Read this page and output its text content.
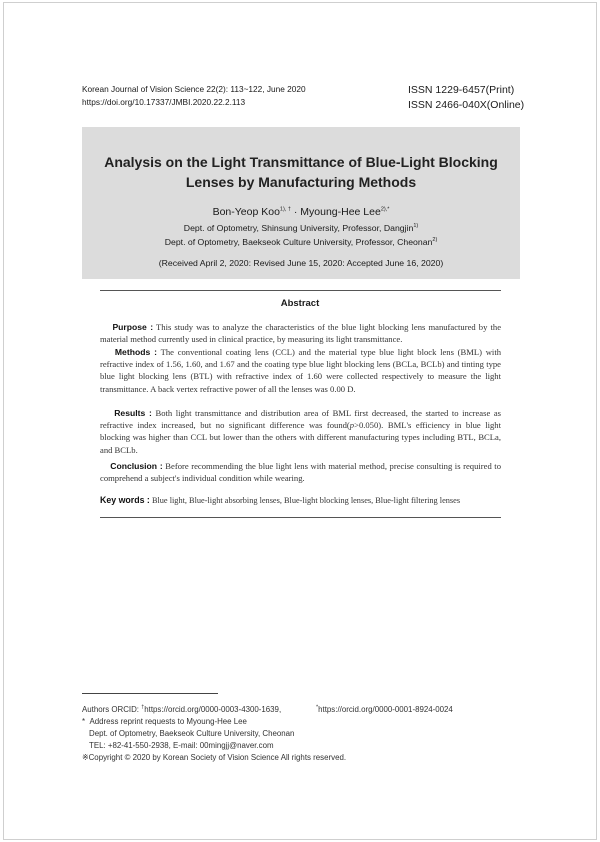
Korean Journal of Vision Science 22(2): 113~122, June 2020
https://doi.org/10.17337/JMBI.2020.22.2.113
ISSN 1229-6457(Print)
ISSN 2466-040X(Online)
Analysis on the Light Transmittance of Blue-Light Blocking
Lenses by Manufacturing Methods
Bon-Yeop Koo$^{1), \dagger}$ · Myoung-Hee Lee$^{2),*}$
Dept. of Optometry, Shinsung University, Professor, Dangjin$^{1)}$
Dept. of Optometry, Baekseok Culture University, Professor, Cheonan$^{2)}$
(Received April 2, 2020: Revised June 15, 2020: Accepted June 16, 2020)
Abstract
Purpose : This study was to analyze the characteristics of the blue light blocking lens manufactured by the material method currently used in clinical practice, by measuring its light transmittance.
Methods : The conventional coating lens (CCL) and the material type blue light block lens (BML) with refractive index of 1.56, 1.60, and 1.67 and the coating type blue light blocking lens (BCLa, BCLb) and tinting type blue light blocking lens (BTL) with refractive index of 1.60 were collected respectively to measure the light transmittance. A back vertex refractive power of all the lenses was 0.00 D.
Results : Both light transmittance and distribution area of BML first decreased, the started to increase as refractive index increased, but no significant difference was found(p>0.050). BML's efficiency in blue light blocking was higher than CCL but lower than the others with different manufacturing types including BTL, BCLa, and BCLb.
Conclusion : Before recommending the blue light lens with material method, precise consulting is required to comprehend a subject's individual condition while wearing.
Key words : Blue light, Blue-light absorbing lenses, Blue-light blocking lenses, Blue-light filtering lenses
Authors ORCID: †https://orcid.org/0000-0003-4300-1639,	*https://orcid.org/0000-0001-8924-0024
* Address reprint requests to Myoung-Hee Lee
Dept. of Optometry, Baekseok Culture University, Cheonan
TEL: +82-41-550-2938, E-mail: 00mingjj@naver.com
※Copyright © 2020 by Korean Society of Vision Science All rights reserved.
